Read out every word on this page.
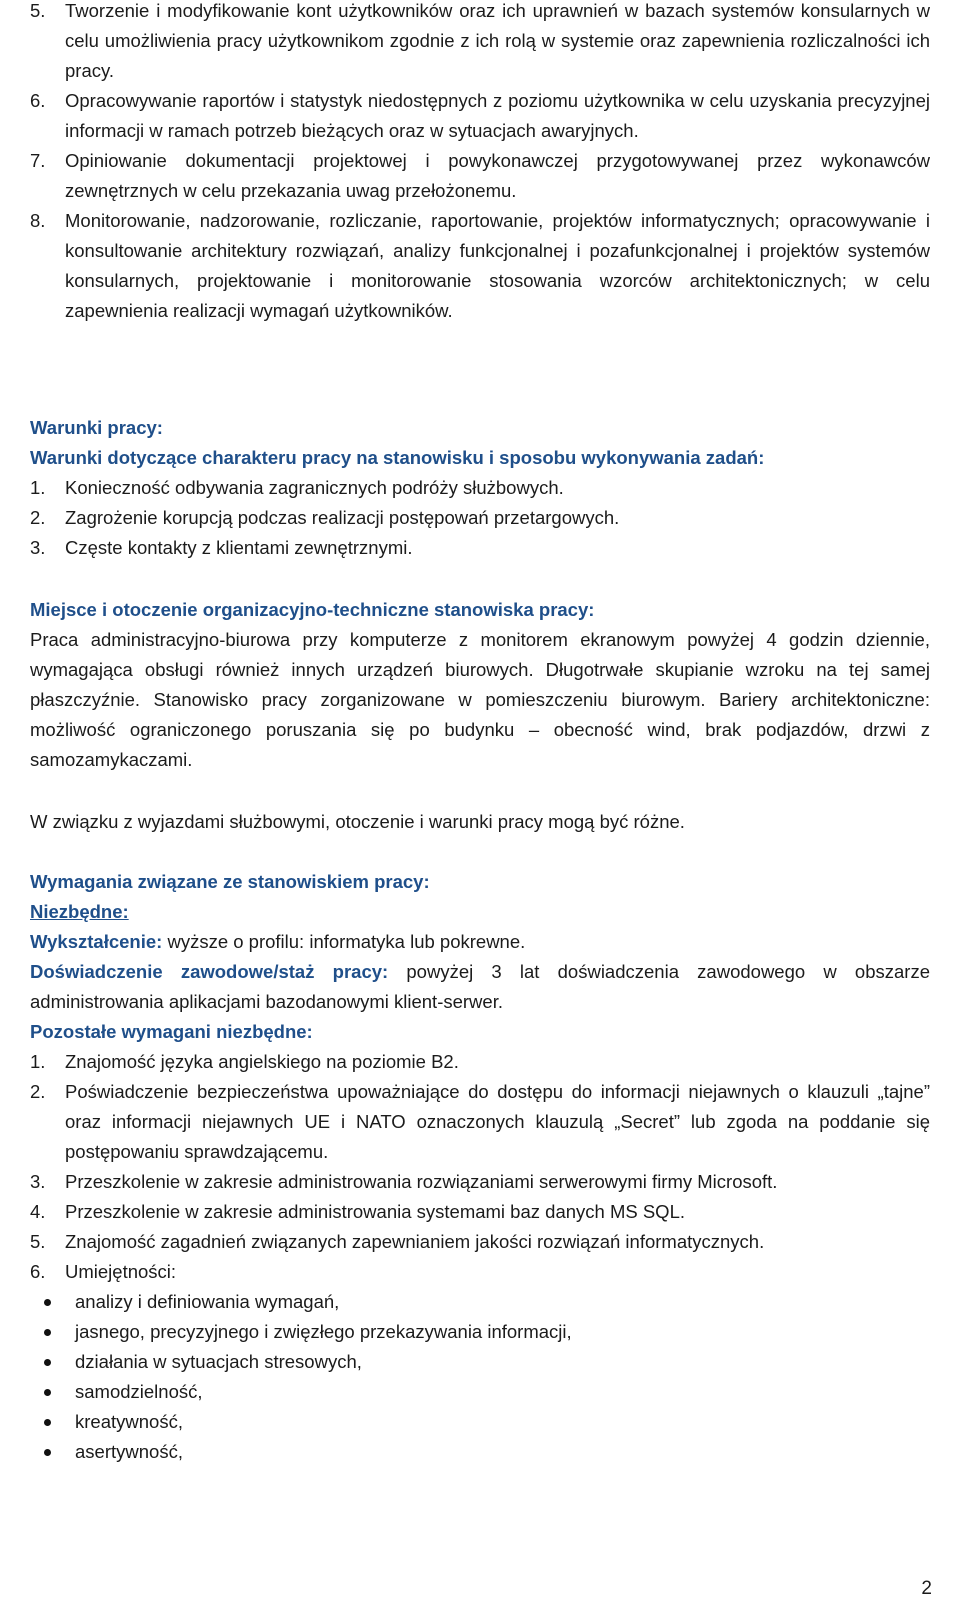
5.	Tworzenie i modyfikowanie kont użytkowników oraz ich uprawnień w bazach systemów konsularnych w celu umożliwienia pracy użytkownikom zgodnie z ich rolą w systemie oraz zapewnienia rozliczalności ich pracy.
6.	Opracowywanie raportów i statystyk niedostępnych z poziomu użytkownika w celu uzyskania precyzyjnej informacji w ramach potrzeb bieżących oraz w sytuacjach awaryjnych.
7.	Opiniowanie dokumentacji projektowej i powykonawczej przygotowywanej przez wykonawców zewnętrznych w celu przekazania uwag przełożonemu.
8.	Monitorowanie, nadzorowanie, rozliczanie, raportowanie, projektów informatycznych; opracowywanie i konsultowanie architektury rozwiązań, analizy funkcjonalnej i pozafunkcjonalnej i projektów systemów konsularnych, projektowanie i monitorowanie stosowania wzorców architektonicznych; w celu zapewnienia realizacji wymagań użytkowników.

Warunki pracy:

Warunki dotyczące charakteru pracy na stanowisku i sposobu wykonywania zadań:

1.	Konieczność odbywania zagranicznych podróży służbowych.
2.	Zagrożenie korupcją podczas realizacji postępowań przetargowych.
3.	Częste kontakty z klientami zewnętrznymi.

Miejsce i otoczenie organizacyjno-techniczne stanowiska pracy:

Praca administracyjno-biurowa przy komputerze z monitorem ekranowym powyżej 4 godzin dziennie, wymagająca obsługi również innych urządzeń biurowych. Długotrwałe skupianie wzroku na tej samej płaszczyźnie. Stanowisko pracy zorganizowane w pomieszczeniu biurowym. Bariery architektoniczne: możliwość ograniczonego poruszania się po budynku – obecność wind, brak podjazdów, drzwi z samozamykaczami.

W związku z wyjazdami służbowymi, otoczenie i warunki pracy mogą być różne.

Wymagania związane ze stanowiskiem pracy:

Niezbędne:

Wykształcenie: wyższe o profilu: informatyka lub pokrewne.

Doświadczenie zawodowe/staż pracy: powyżej 3 lat doświadczenia zawodowego w obszarze administrowania aplikacjami bazodanowymi klient-serwer.

Pozostałe wymagani niezbędne:

1.	Znajomość języka angielskiego na poziomie B2.
2.	Poświadczenie bezpieczeństwa upoważniające do dostępu do informacji niejawnych o klauzuli „tajne” oraz informacji niejawnych UE i NATO oznaczonych klauzulą „Secret” lub zgoda na poddanie się postępowaniu sprawdzającemu.
3.	Przeszkolenie w zakresie administrowania rozwiązaniami serwerowymi firmy Microsoft.
4.	Przeszkolenie w zakresie administrowania systemami baz danych MS SQL.
5.	Znajomość zagadnień związanych zapewnianiem jakości rozwiązań informatycznych.
6.	Umiejętności:
analizy i definiowania wymagań,
jasnego, precyzyjnego i zwięzłego przekazywania informacji,
działania w sytuacjach stresowych,
samodzielność,
kreatywność,
asertywność,
2
